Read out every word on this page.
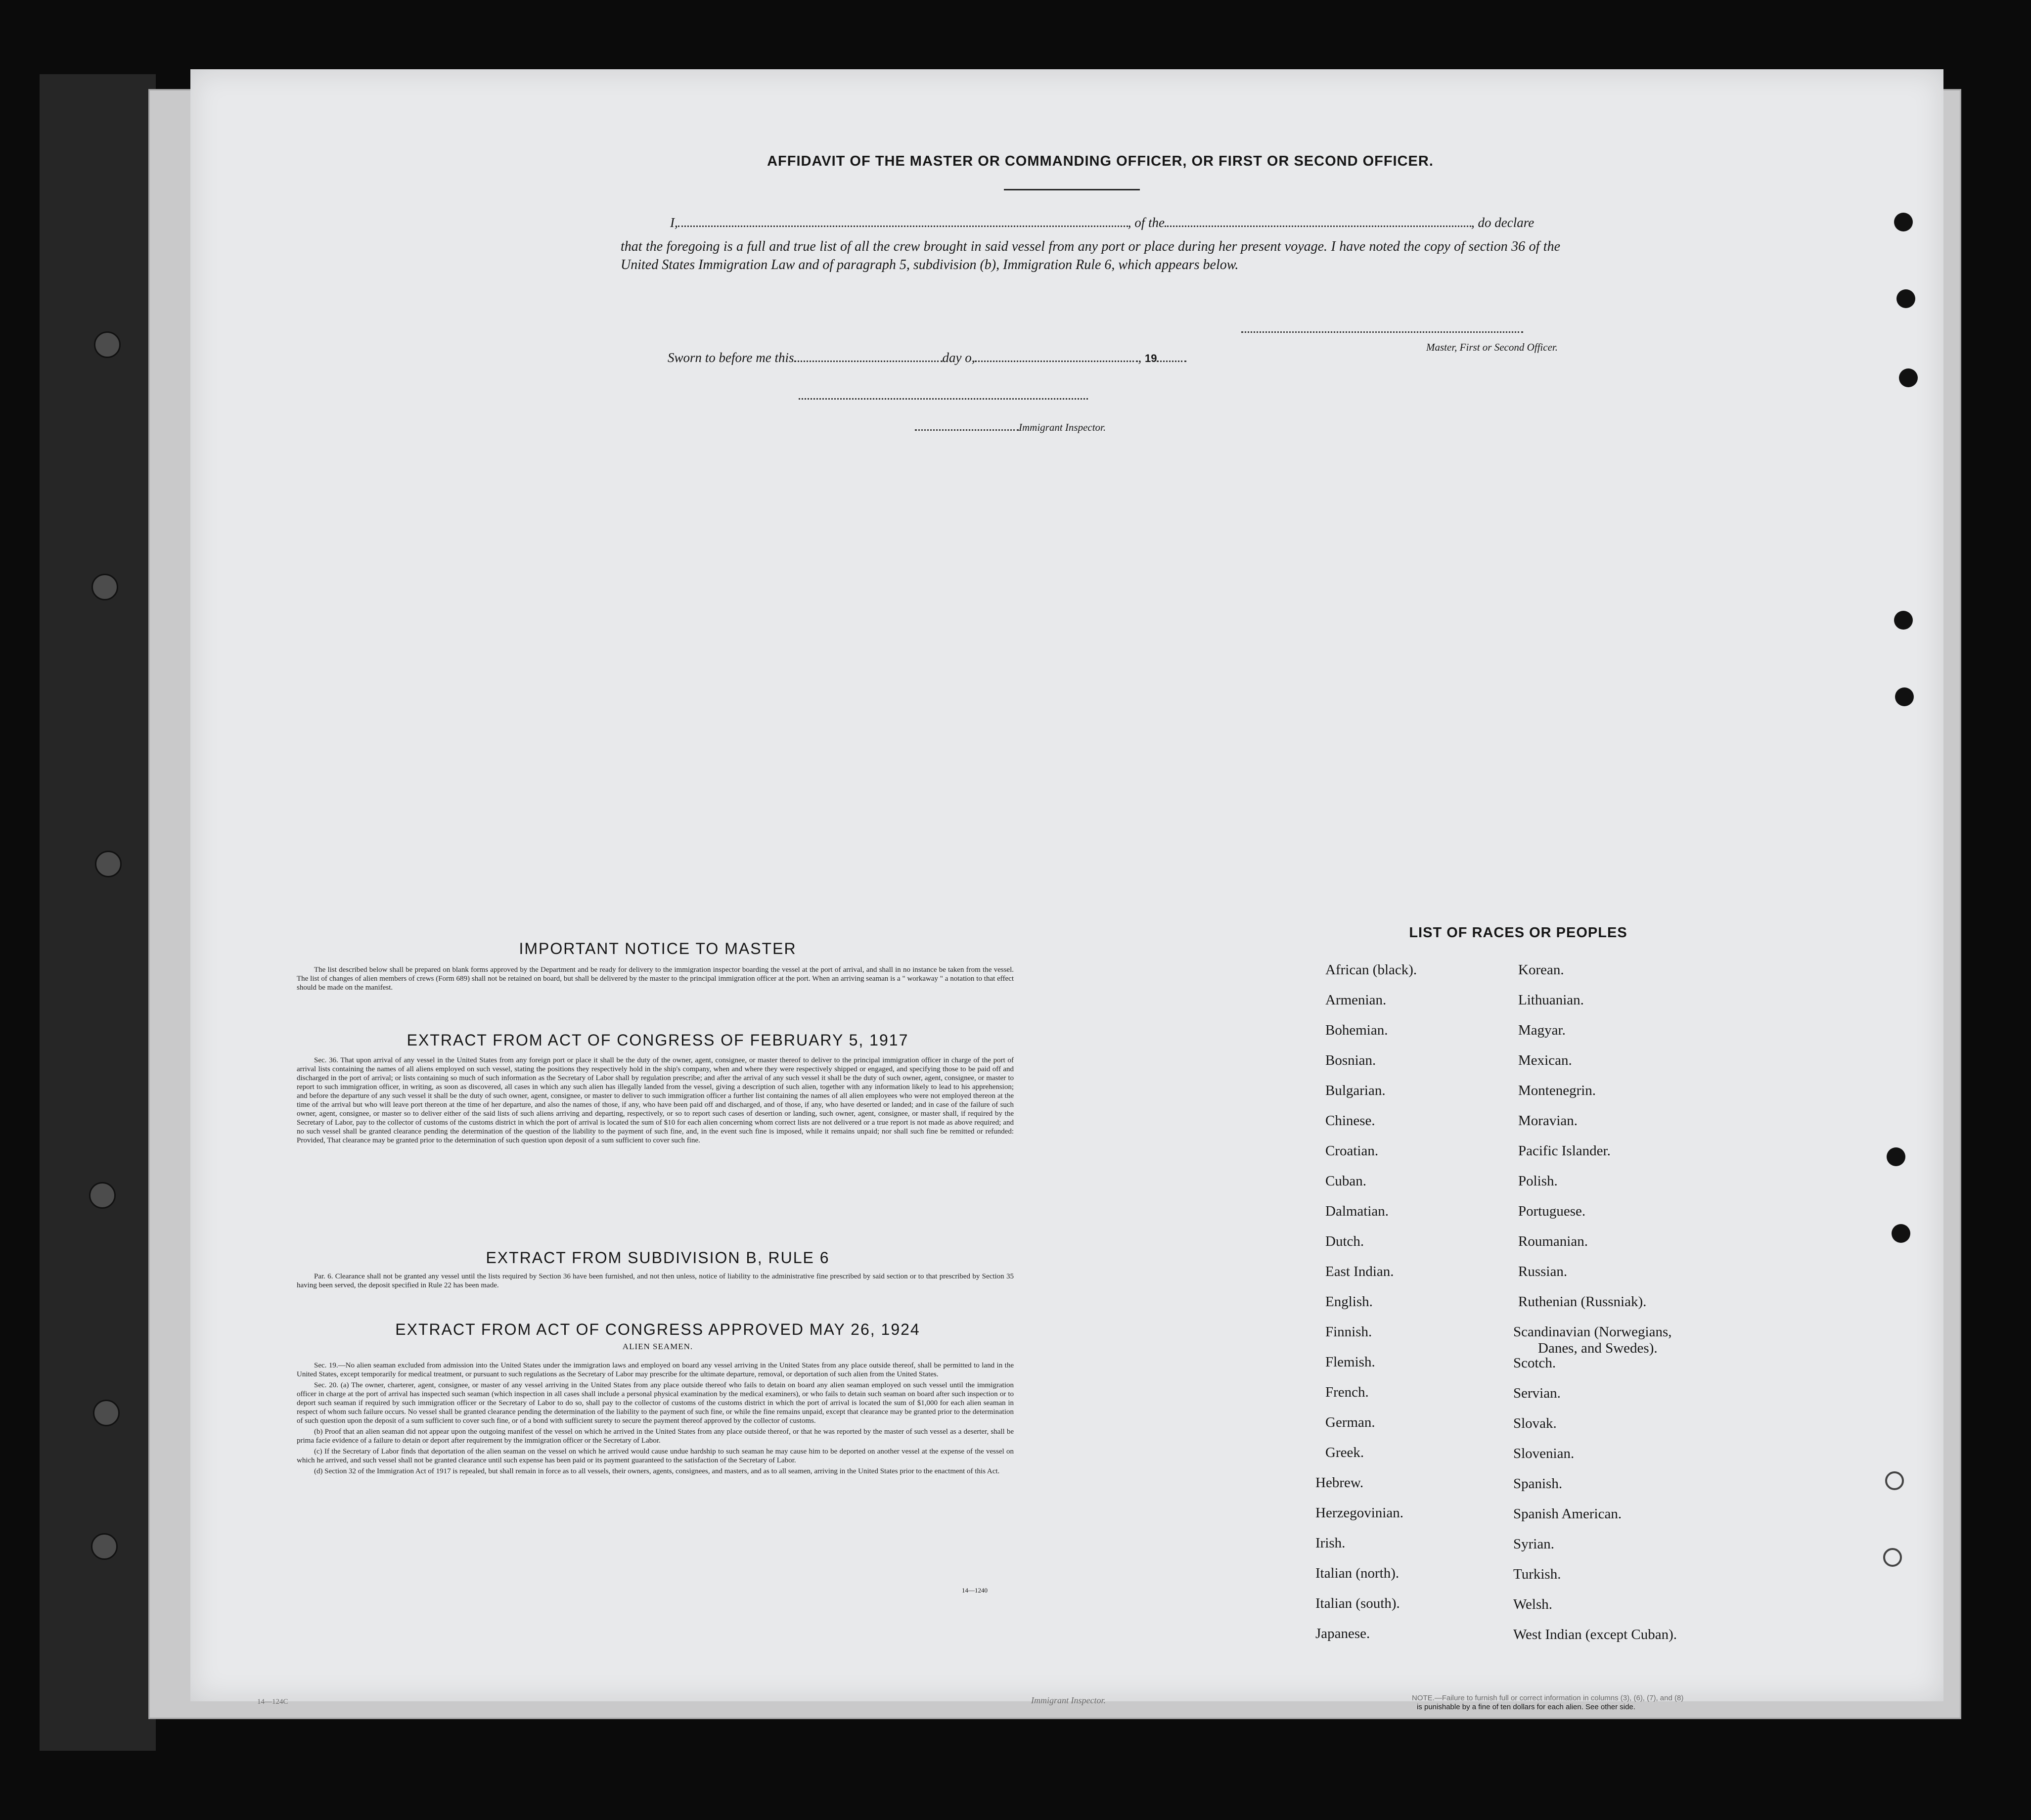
AFFIDAVIT OF THE MASTER OR COMMANDING OFFICER, OR FIRST OR SECOND OFFICER.
I,	, of the	, do declare
that the foregoing is a full and true list of all the crew brought in said vessel from any port or place during her present voyage. I have noted the copy of section 36 of the United States Immigration Law and of paragraph 5, subdivision (b), Immigration Rule 6, which appears below.
Master, First or Second Officer.
Sworn to before me this	day o,	, 19
Immigrant Inspector.
IMPORTANT NOTICE TO MASTER

The list described below shall be prepared on blank forms approved by the Department and be ready for delivery to the immigration inspector boarding the vessel at the port of arrival, and shall in no instance be taken from the vessel. The list of changes of alien members of crews (Form 689) shall not be retained on board, but shall be delivered by the master to the principal immigration officer at the port. When an arriving seaman is a " workaway " a notation to that effect should be made on the manifest.

EXTRACT FROM ACT OF CONGRESS OF FEBRUARY 5, 1917

Sec. 36. That upon arrival of any vessel in the United States from any foreign port or place it shall be the duty of the owner, agent, consignee, or master thereof to deliver to the principal immigration officer in charge of the port of arrival lists containing the names of all aliens employed on such vessel, stating the positions they respectively hold in the ship's company, when and where they were respectively shipped or engaged, and specifying those to be paid off and discharged in the port of arrival; or lists containing so much of such information as the Secretary of Labor shall by regulation prescribe; and after the arrival of any such vessel it shall be the duty of such owner, agent, consignee, or master to report to such immigration officer, in writing, as soon as discovered, all cases in which any such alien has illegally landed from the vessel, giving a description of such alien, together with any information likely to lead to his apprehension; and before the departure of any such vessel it shall be the duty of such owner, agent, consignee, or master to deliver to such immigration officer a further list containing the names of all alien employees who were not employed thereon at the time of the arrival but who will leave port thereon at the time of her departure, and also the names of those, if any, who have been paid off and discharged, and of those, if any, who have deserted or landed; and in case of the failure of such owner, agent, consignee, or master so to deliver either of the said lists of such aliens arriving and departing, respectively, or so to report such cases of desertion or landing, such owner, agent, consignee, or master shall, if required by the Secretary of Labor, pay to the collector of customs of the customs district in which the port of arrival is located the sum of $10 for each alien concerning whom correct lists are not delivered or a true report is not made as above required; and no such vessel shall be granted clearance pending the determination of the question of the liability to the payment of such fine, and, in the event such fine is imposed, while it remains unpaid; nor shall such fine be remitted or refunded: Provided, That clearance may be granted prior to the determination of such question upon deposit of a sum sufficient to cover such fine.

EXTRACT FROM SUBDIVISION B, RULE 6

Par. 6. Clearance shall not be granted any vessel until the lists required by Section 36 have been furnished, and not then unless, notice of liability to the administrative fine prescribed by said section or to that prescribed by Section 35 having been served, the deposit specified in Rule 22 has been made.

EXTRACT FROM ACT OF CONGRESS APPROVED MAY 26, 1924
ALIEN SEAMEN.

Sec. 19.—No alien seaman excluded from admission into the United States under the immigration laws and employed on board any vessel arriving in the United States from any place outside thereof, shall be permitted to land in the United States, except temporarily for medical treatment, or pursuant to such regulations as the Secretary of Labor may prescribe for the ultimate departure, removal, or deportation of such alien from the United States.

Sec. 20. (a) The owner, charterer, agent, consignee, or master of any vessel arriving in the United States from any place outside thereof who fails to detain on board any alien seaman employed on such vessel until the immigration officer in charge at the port of arrival has inspected such seaman (which inspection in all cases shall include a personal physical examination by the medical examiners), or who fails to detain such seaman on board after such inspection or to deport such seaman if required by such immigration officer or the Secretary of Labor to do so, shall pay to the collector of customs of the customs district in which the port of arrival is located the sum of $1,000 for each alien seaman in respect of whom such failure occurs. No vessel shall be granted clearance pending the determination of the liability to the payment of such fine, or while the fine remains unpaid, except that clearance may be granted prior to the determination of such question upon the deposit of a sum sufficient to cover such fine, or of a bond with sufficient surety to secure the payment thereof approved by the collector of customs.

(b) Proof that an alien seaman did not appear upon the outgoing manifest of the vessel on which he arrived in the United States from any place outside thereof, or that he was reported by the master of such vessel as a deserter, shall be prima facie evidence of a failure to detain or deport after requirement by the immigration officer or the Secretary of Labor.

(c) If the Secretary of Labor finds that deportation of the alien seaman on the vessel on which he arrived would cause undue hardship to such seaman he may cause him to be deported on another vessel at the expense of the vessel on which he arrived, and such vessel shall not be granted clearance until such expense has been paid or its payment guaranteed to the satisfaction of the Secretary of Labor.

(d) Section 32 of the Immigration Act of 1917 is repealed, but shall remain in force as to all vessels, their owners, agents, consignees, and masters, and as to all seamen, arriving in the United States prior to the enactment of this Act.

14—1240
LIST OF RACES OR PEOPLES
African (black).
Armenian.
Bohemian.
Bosnian.
Bulgarian.
Chinese.
Croatian.
Cuban.
Dalmatian.
Dutch.
East Indian.
English.
Finnish.
Flemish.
French.
German.
Greek.
Hebrew.
Herzegovinian.
Irish.
Italian (north).
Italian (south).
Japanese.
Korean.
Lithuanian.
Magyar.
Mexican.
Montenegrin.
Moravian.
Pacific Islander.
Polish.
Portuguese.
Roumanian.
Russian.
Ruthenian (Russniak).
Scandinavian (Norwegians,
Danes, and Swedes).
Scotch.
Servian.
Slovak.
Slovenian.
Spanish.
Spanish American.
Syrian.
Turkish.
Welsh.
West Indian (except Cuban).
14—124C	Immigrant Inspector.	NOTE.—Failure to furnish full or correct information in columns (3), (6), (7), and (8)
is punishable by a fine of ten dollars for each alien. See other side.
